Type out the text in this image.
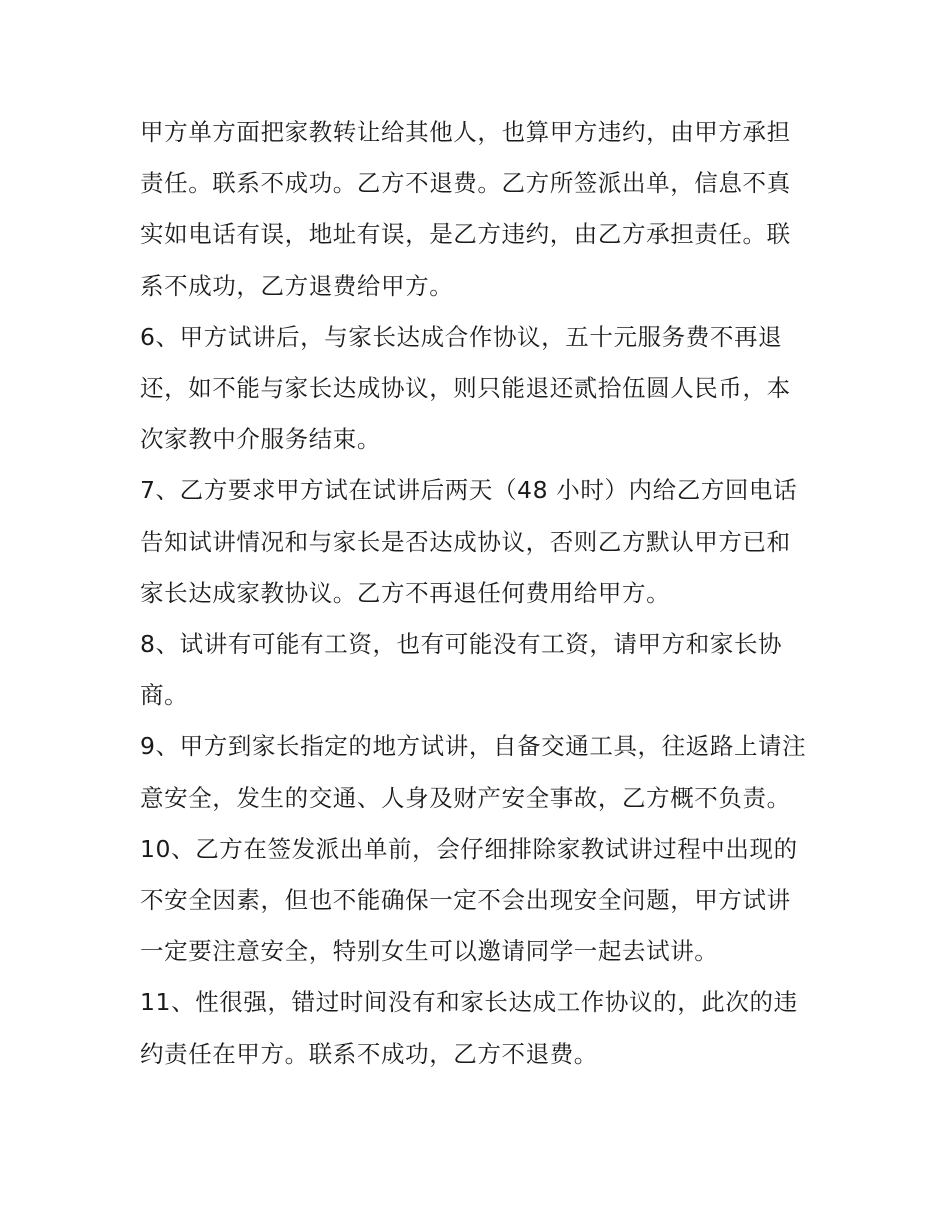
甲方单方面把家教转让给其他人，也算甲方违约，由甲方承担责任。联系不成功。乙方不退费。乙方所签派出单，信息不真实如电话有误，地址有误，是乙方违约，由乙方承担责任。联系不成功，乙方退费给甲方。

6、甲方试讲后，与家长达成合作协议，五十元服务费不再退还，如不能与家长达成协议，则只能退还贰拾伍圆人民币，本次家教中介服务结束。

7、乙方要求甲方试在试讲后两天（48 小时）内给乙方回电话告知试讲情况和与家长是否达成协议，否则乙方默认甲方已和家长达成家教协议。乙方不再退任何费用给甲方。

8、试讲有可能有工资，也有可能没有工资，请甲方和家长协商。

9、甲方到家长指定的地方试讲，自备交通工具，往返路上请注意安全，发生的交通、人身及财产安全事故，乙方概不负责。

10、乙方在签发派出单前，会仔细排除家教试讲过程中出现的不安全因素，但也不能确保一定不会出现安全问题，甲方试讲一定要注意安全，特别女生可以邀请同学一起去试讲。

11、性很强，错过时间没有和家长达成工作协议的，此次的违约责任在甲方。联系不成功，乙方不退费。
